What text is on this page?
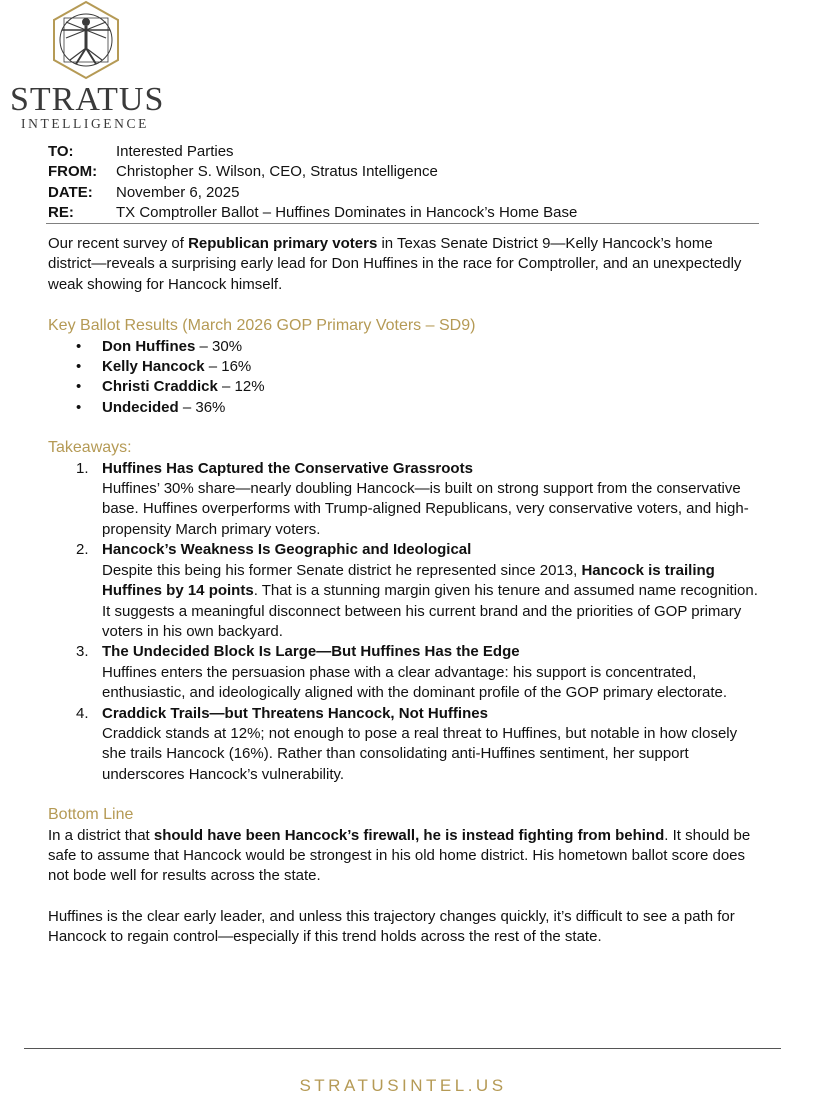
STRATUS
INTELLIGENCE
TO:	Interested Parties
FROM:	Christopher S. Wilson, CEO, Stratus Intelligence
DATE:	November 6, 2025
RE:	TX Comptroller Ballot – Huffines Dominates in Hancock’s Home Base

Our recent survey of Republican primary voters in Texas Senate District 9—Kelly Hancock’s home district—reveals a surprising early lead for Don Huffines in the race for Comptroller, and an unexpectedly weak showing for Hancock himself.

Key Ballot Results (March 2026 GOP Primary Voters – SD9)
• Don Huffines – 30%
• Kelly Hancock – 16%
• Christi Craddick – 12%
• Undecided – 36%
Takeaways:
1. Huffines Has Captured the Conservative Grassroots
Huffines’ 30% share—nearly doubling Hancock—is built on strong support from the conservative base. Huffines overperforms with Trump-aligned Republicans, very conservative voters, and high-propensity March primary voters.
2. Hancock’s Weakness Is Geographic and Ideological
Despite this being his former Senate district he represented since 2013, Hancock is trailing Huffines by 14 points. That is a stunning margin given his tenure and assumed name recognition. It suggests a meaningful disconnect between his current brand and the priorities of GOP primary voters in his own backyard.
3. The Undecided Block Is Large—But Huffines Has the Edge
Huffines enters the persuasion phase with a clear advantage: his support is concentrated, enthusiastic, and ideologically aligned with the dominant profile of the GOP primary electorate.
4. Craddick Trails—but Threatens Hancock, Not Huffines
Craddick stands at 12%; not enough to pose a real threat to Huffines, but notable in how closely she trails Hancock (16%). Rather than consolidating anti-Huffines sentiment, her support underscores Hancock’s vulnerability.
Bottom Line

In a district that should have been Hancock’s firewall, he is instead fighting from behind. It should be safe to assume that Hancock would be strongest in his old home district. His hometown ballot score does not bode well for results across the state.

Huffines is the clear early leader, and unless this trajectory changes quickly, it’s difficult to see a path for Hancock to regain control—especially if this trend holds across the rest of the state.

STRATUSINTEL.US
